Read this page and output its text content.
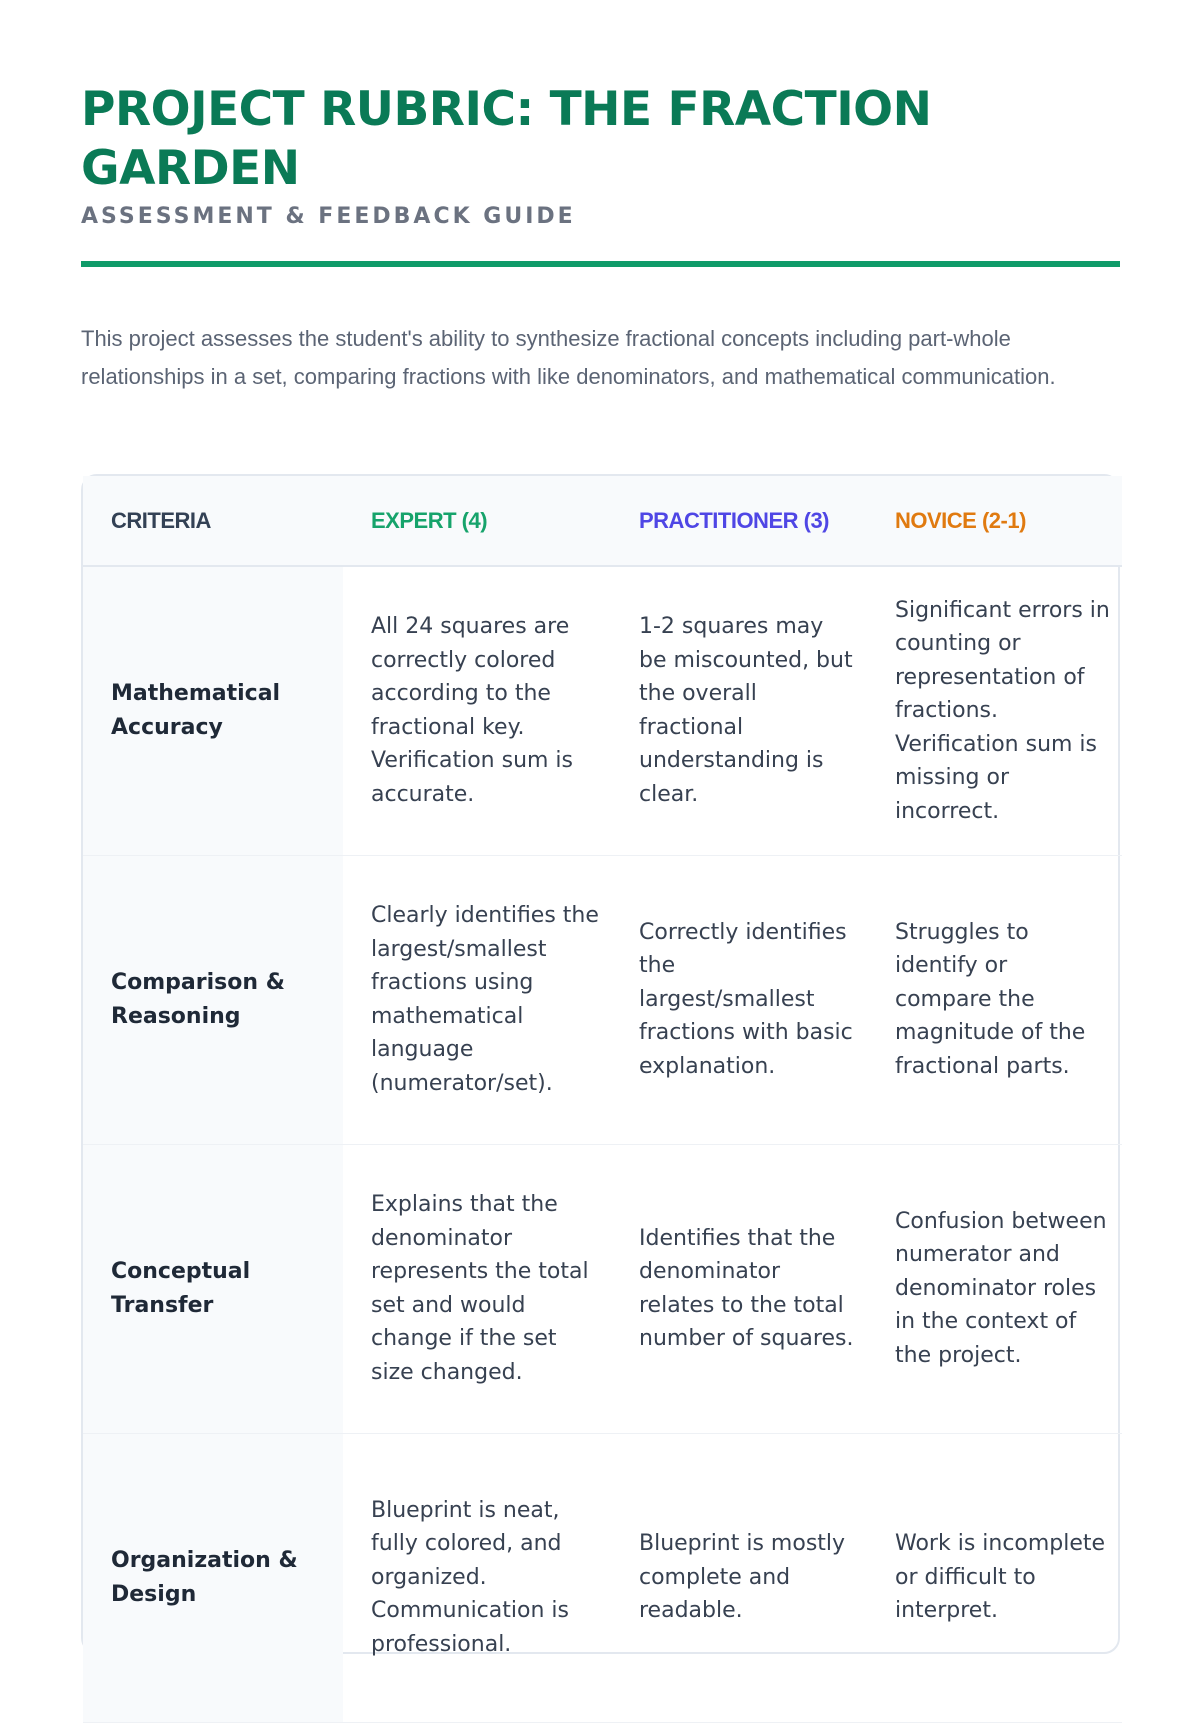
PROJECT RUBRIC: THE FRACTION GARDEN
ASSESSMENT & FEEDBACK GUIDE

This project assesses the student's ability to synthesize fractional concepts including part-whole relationships in a set, comparing fractions with like denominators, and mathematical communication.

CRITERIA	EXPERT (4)	PRACTITIONER (3)	NOVICE (2-1)
Mathematical Accuracy	All 24 squares are correctly colored according to the fractional key. Verification sum is accurate.	1-2 squares may be miscounted, but the overall fractional understanding is clear.	Significant errors in counting or representation of fractions. Verification sum is missing or incorrect.
Comparison & Reasoning	Clearly identifies the largest/smallest fractions using mathematical language (numerator/set).	Correctly identifies the largest/smallest fractions with basic explanation.	Struggles to identify or compare the magnitude of the fractional parts.
Conceptual Transfer	Explains that the denominator represents the total set and would change if the set size changed.	Identifies that the denominator relates to the total number of squares.	Confusion between numerator and denominator roles in the context of the project.
Organization & Design	Blueprint is neat, fully colored, and organized. Communication is professional.	Blueprint is mostly complete and readable.	Work is incomplete or difficult to interpret.
